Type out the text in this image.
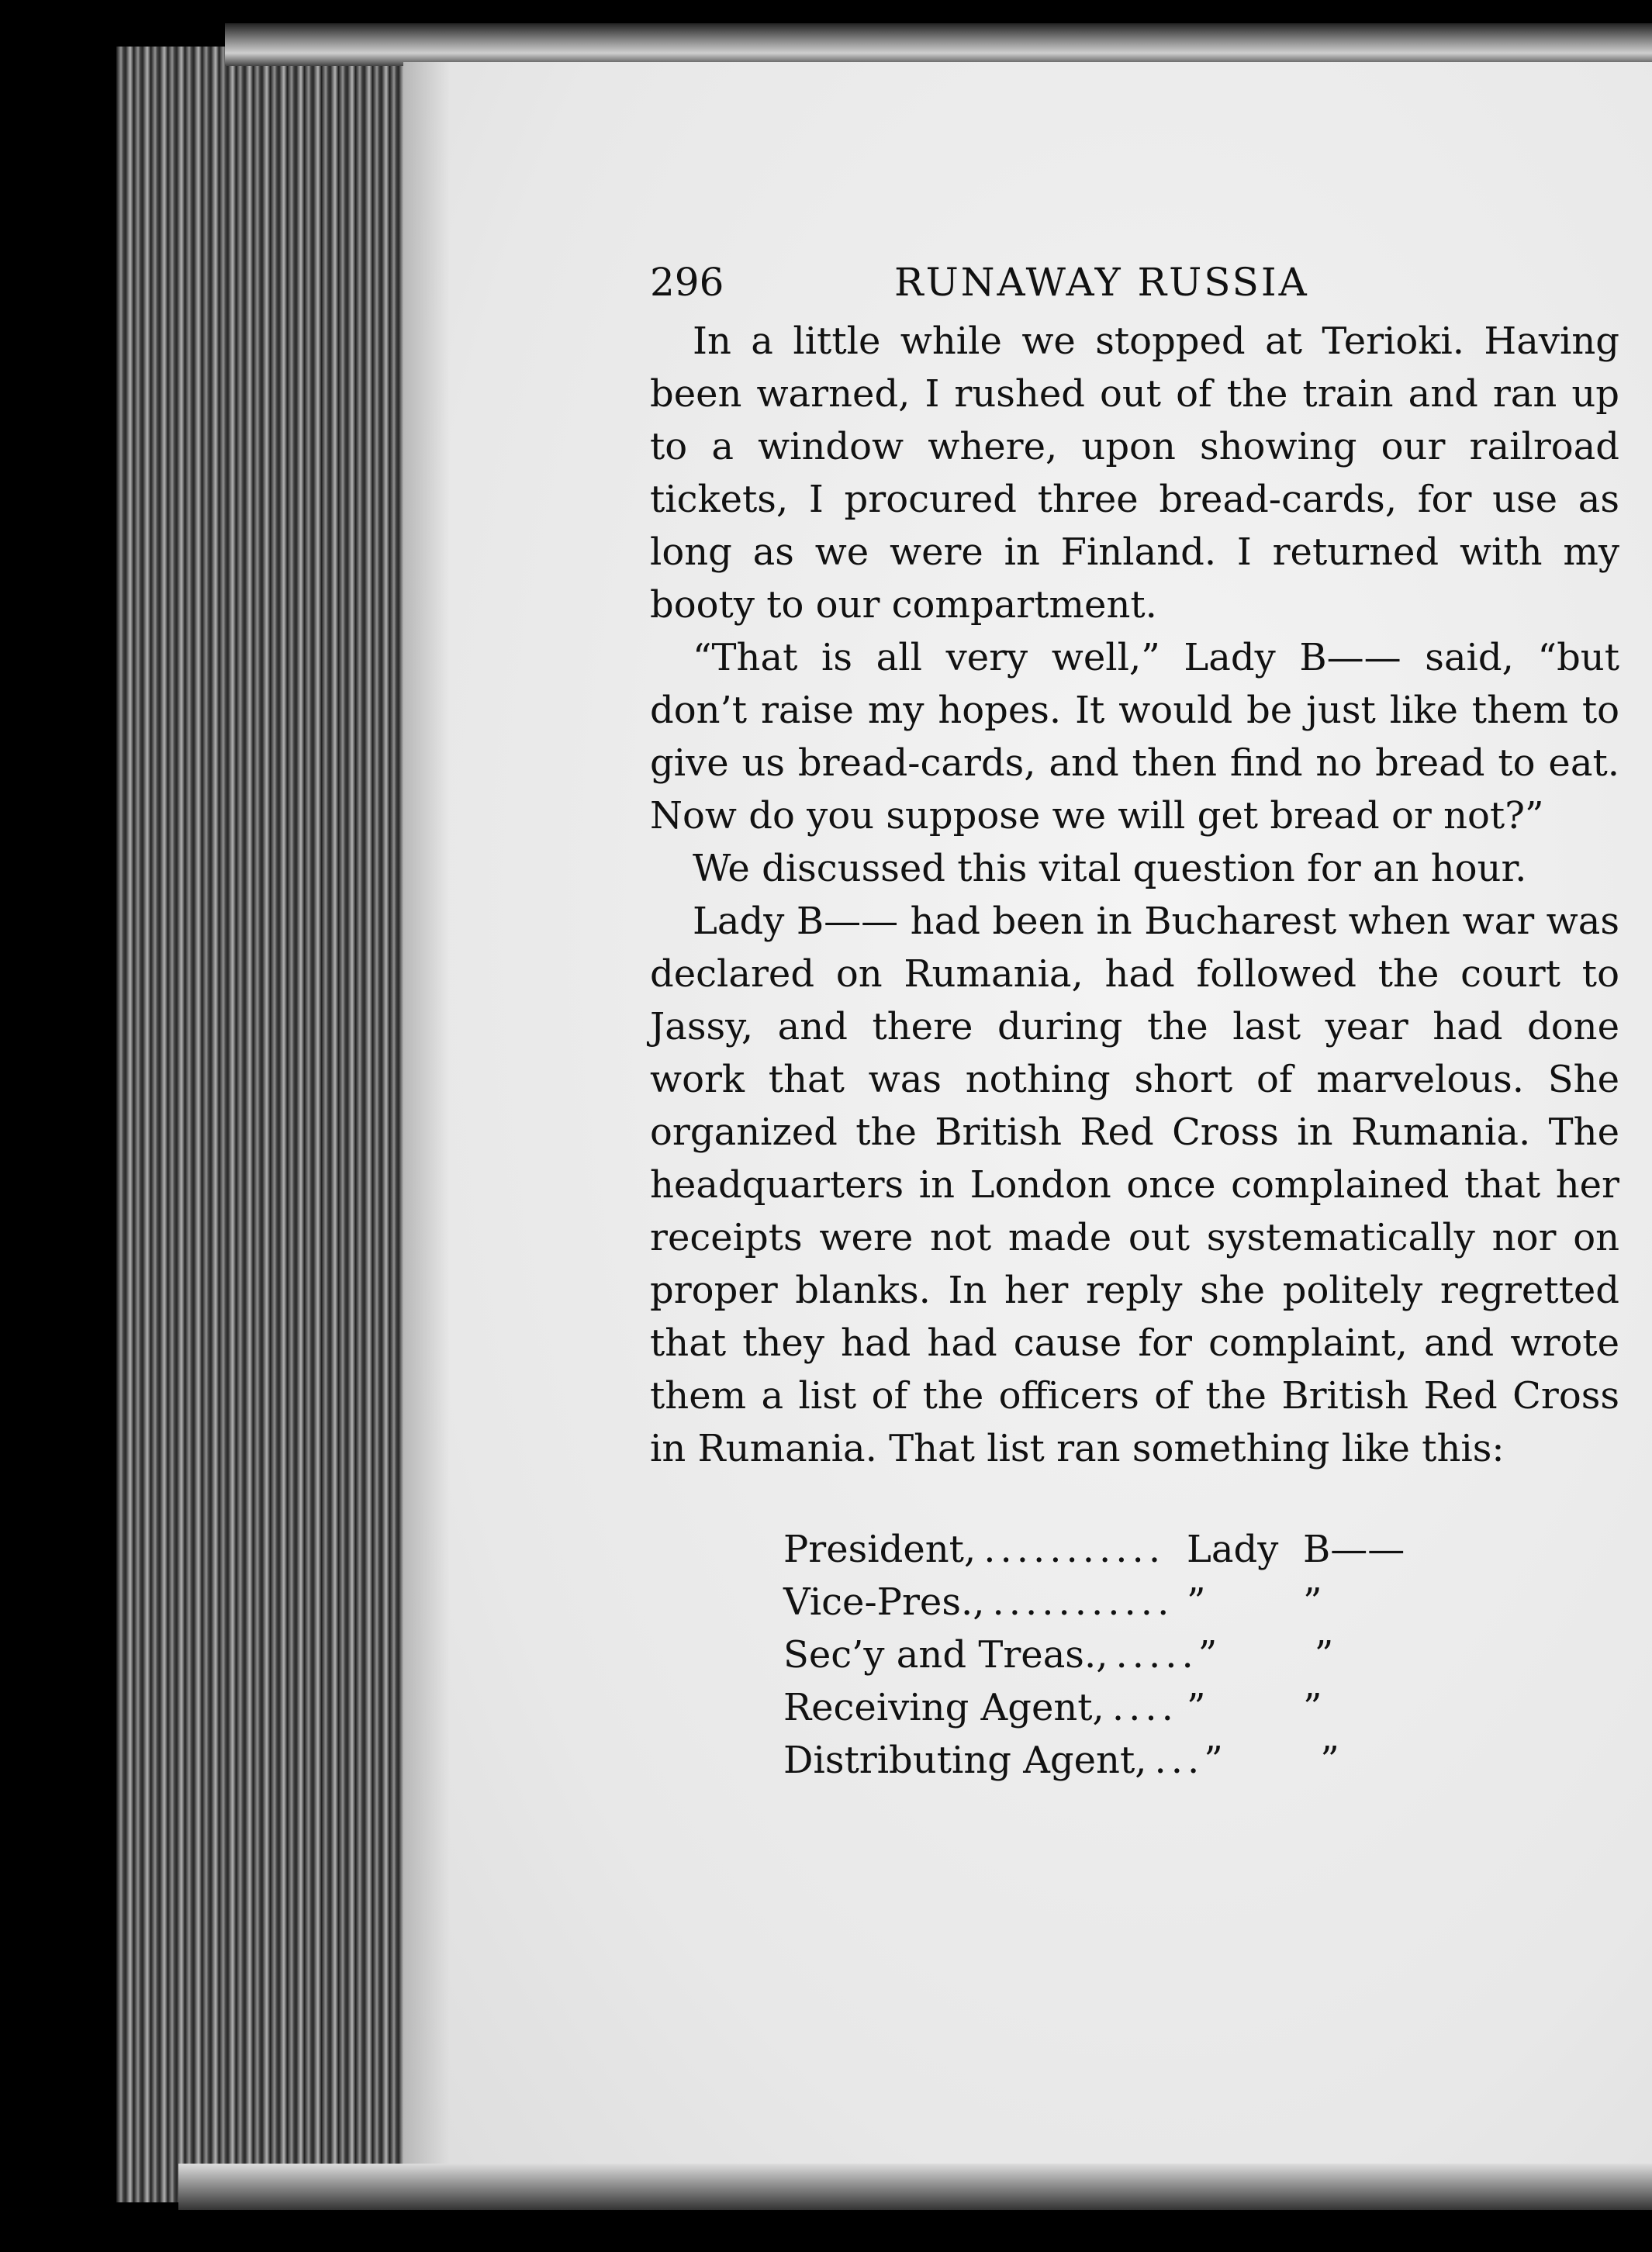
296	RUNAWAY RUSSIA

In a little while we stopped at Terioki. Having been warned, I rushed out of the train and ran up to a window where, upon showing our railroad tickets, I procured three bread-cards, for use as long as we were in Finland. I returned with my booty to our compartment.

“That is all very well,” Lady B—— said, “but don’t raise my hopes. It would be just like them to give us bread-cards, and then find no bread to eat. Now do you suppose we will get bread or not?”

We discussed this vital question for an hour.

Lady B—— had been in Bucharest when war was declared on Rumania, had followed the court to Jassy, and there during the last year had done work that was nothing short of marvelous. She organized the British Red Cross in Rumania. The headquarters in London once complained that her receipts were not made out systematically nor on proper blanks. In her reply she politely regretted that they had had cause for complaint, and wrote them a list of the officers of the British Red Cross in Rumania. That list ran something like this:

President, ........... Lady B——
Vice-Pres., ........... ”	”
Sec’y and Treas., ..... ”	”
Receiving Agent, .... ”	”
Distributing Agent, ... ”	”
